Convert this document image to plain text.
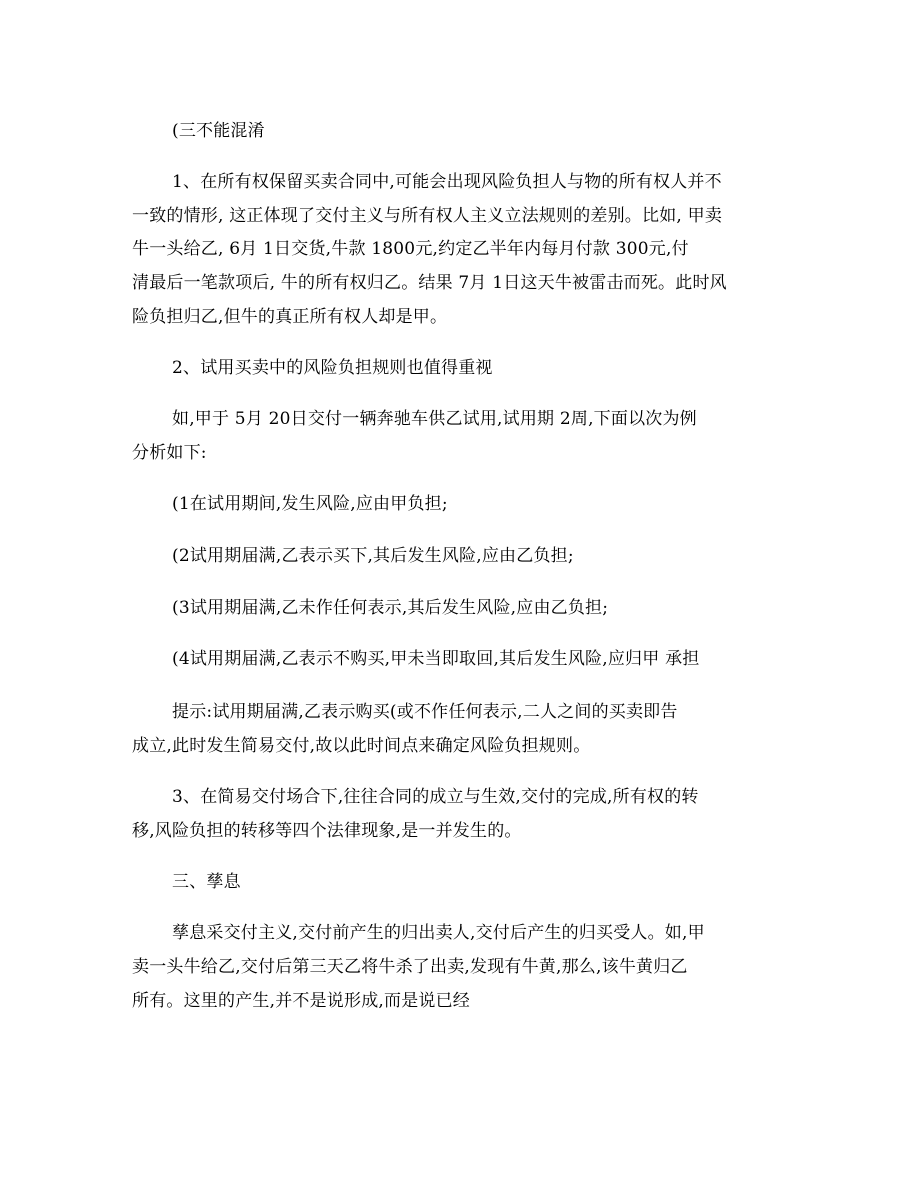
(三不能混淆
1、在所有权保留买卖合同中,可能会出现风险负担人与物的所有权人并不
一致的情形, 这正体现了交付主义与所有权人主义立法规则的差别。比如, 甲卖
牛一头给乙, 6月 1日交货,牛款 1800元,约定乙半年内每月付款 300元,付
清最后一笔款项后, 牛的所有权归乙。结果 7月 1日这天牛被雷击而死。此时风
险负担归乙,但牛的真正所有权人却是甲。
2、试用买卖中的风险负担规则也值得重视
如,甲于 5月 20日交付一辆奔驰车供乙试用,试用期 2周,下面以次为例
分析如下:
(1在试用期间,发生风险,应由甲负担;
(2试用期届满,乙表示买下,其后发生风险,应由乙负担;
(3试用期届满,乙未作任何表示,其后发生风险,应由乙负担;
(4试用期届满,乙表示不购买,甲未当即取回,其后发生风险,应归甲 承担
提示:试用期届满,乙表示购买(或不作任何表示,二人之间的买卖即告
成立,此时发生简易交付,故以此时间点来确定风险负担规则。
3、在简易交付场合下,往往合同的成立与生效,交付的完成,所有权的转
移,风险负担的转移等四个法律现象,是一并发生的。
三、孳息
孳息采交付主义,交付前产生的归出卖人,交付后产生的归买受人。如,甲
卖一头牛给乙,交付后第三天乙将牛杀了出卖,发现有牛黄,那么,该牛黄归乙
所有。这里的产生,并不是说形成,而是说已经
